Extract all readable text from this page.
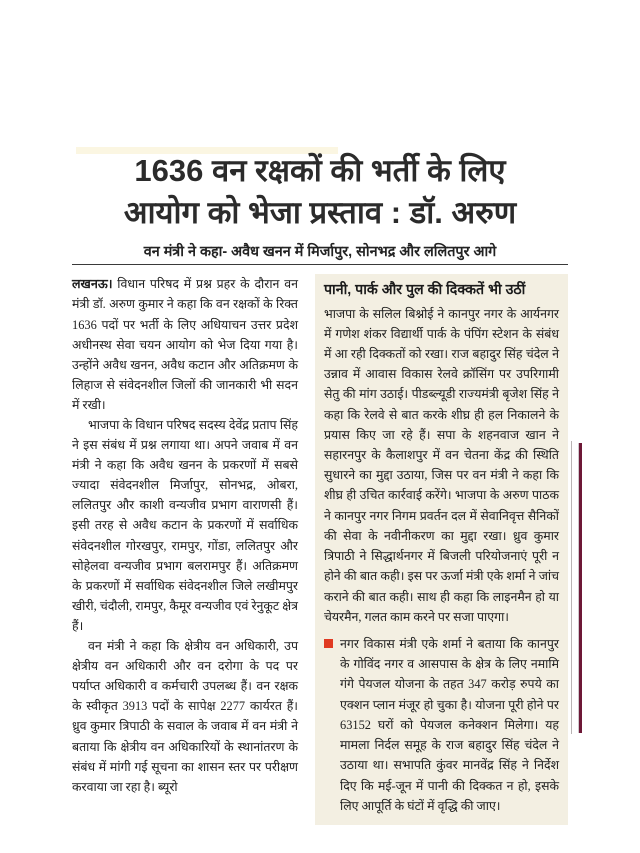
1636 वन रक्षकों की भर्ती के लिए
आयोग को भेजा प्रस्ताव : डॉ. अरुण

वन मंत्री ने कहा- अवैध खनन में मिर्जापुर, सोनभद्र और ललितपुर आगे

लखनऊ। विधान परिषद में प्रश्न प्रहर के दौरान वन मंत्री डॉ. अरुण कुमार ने कहा कि वन रक्षकों के रिक्त 1636 पदों पर भर्ती के लिए अधियाचन उत्तर प्रदेश अधीनस्थ सेवा चयन आयोग को भेज दिया गया है। उन्होंने अवैध खनन, अवैध कटान और अतिक्रमण के लिहाज से संवेदनशील जिलों की जानकारी भी सदन में रखी।

भाजपा के विधान परिषद सदस्य देवेंद्र प्रताप सिंह ने इस संबंध में प्रश्न लगाया था। अपने जवाब में वन मंत्री ने कहा कि अवैध खनन के प्रकरणों में सबसे ज्यादा संवेदनशील मिर्जापुर, सोनभद्र, ओबरा, ललितपुर और काशी वन्यजीव प्रभाग वाराणसी हैं। इसी तरह से अवैध कटान के प्रकरणों में सर्वाधिक संवेदनशील गोरखपुर, रामपुर, गोंडा, ललितपुर और सोहेलवा वन्यजीव प्रभाग बलरामपुर हैं। अतिक्रमण के प्रकरणों में सर्वाधिक संवेदनशील जिले लखीमपुर खीरी, चंदौली, रामपुर, कैमूर वन्यजीव एवं रेनुकूट क्षेत्र हैं।

वन मंत्री ने कहा कि क्षेत्रीय वन अधिकारी, उप क्षेत्रीय वन अधिकारी और वन दरोगा के पद पर पर्याप्त अधिकारी व कर्मचारी उपलब्ध हैं। वन रक्षक के स्वीकृत 3913 पदों के सापेक्ष 2277 कार्यरत हैं। ध्रुव कुमार त्रिपाठी के सवाल के जवाब में वन मंत्री ने बताया कि क्षेत्रीय वन अधिकारियों के स्थानांतरण के संबंध में मांगी गई सूचना का शासन स्तर पर परीक्षण करवाया जा रहा है। ब्यूरो

पानी, पार्क और पुल की दिक्कतें भी उठीं

भाजपा के सलिल बिश्नोई ने कानपुर नगर के आर्यनगर में गणेश शंकर विद्यार्थी पार्क के पंपिंग स्टेशन के संबंध में आ रही दिक्कतों को रखा। राज बहादुर सिंह चंदेल ने उन्नाव में आवास विकास रेलवे क्रॉसिंग पर उपरिगामी सेतु की मांग उठाई। पीडब्ल्यूडी राज्यमंत्री बृजेश सिंह ने कहा कि रेलवे से बात करके शीघ्र ही हल निकालने के प्रयास किए जा रहे हैं। सपा के शहनवाज खान ने सहारनपुर के कैलाशपुर में वन चेतना केंद्र की स्थिति सुधारने का मुद्दा उठाया, जिस पर वन मंत्री ने कहा कि शीघ्र ही उचित कार्रवाई करेंगे। भाजपा के अरुण पाठक ने कानपुर नगर निगम प्रवर्तन दल में सेवानिवृत्त सैनिकों की सेवा के नवीनीकरण का मुद्दा रखा। ध्रुव कुमार त्रिपाठी ने सिद्धार्थनगर में बिजली परियोजनाएं पूरी न होने की बात कही। इस पर ऊर्जा मंत्री एके शर्मा ने जांच कराने की बात कही। साथ ही कहा कि लाइनमैन हो या चेयरमैन, गलत काम करने पर सजा पाएगा।

नगर विकास मंत्री एके शर्मा ने बताया कि कानपुर के गोविंद नगर व आसपास के क्षेत्र के लिए नमामि गंगे पेयजल योजना के तहत 347 करोड़ रुपये का एक्शन प्लान मंजूर हो चुका है। योजना पूरी होने पर 63152 घरों को पेयजल कनेक्शन मिलेगा। यह मामला निर्दल समूह के राज बहादुर सिंह चंदेल ने उठाया था। सभापति कुंवर मानवेंद्र सिंह ने निर्देश दिए कि मई-जून में पानी की दिक्कत न हो, इसके लिए आपूर्ति के घंटों में वृद्धि की जाए।
